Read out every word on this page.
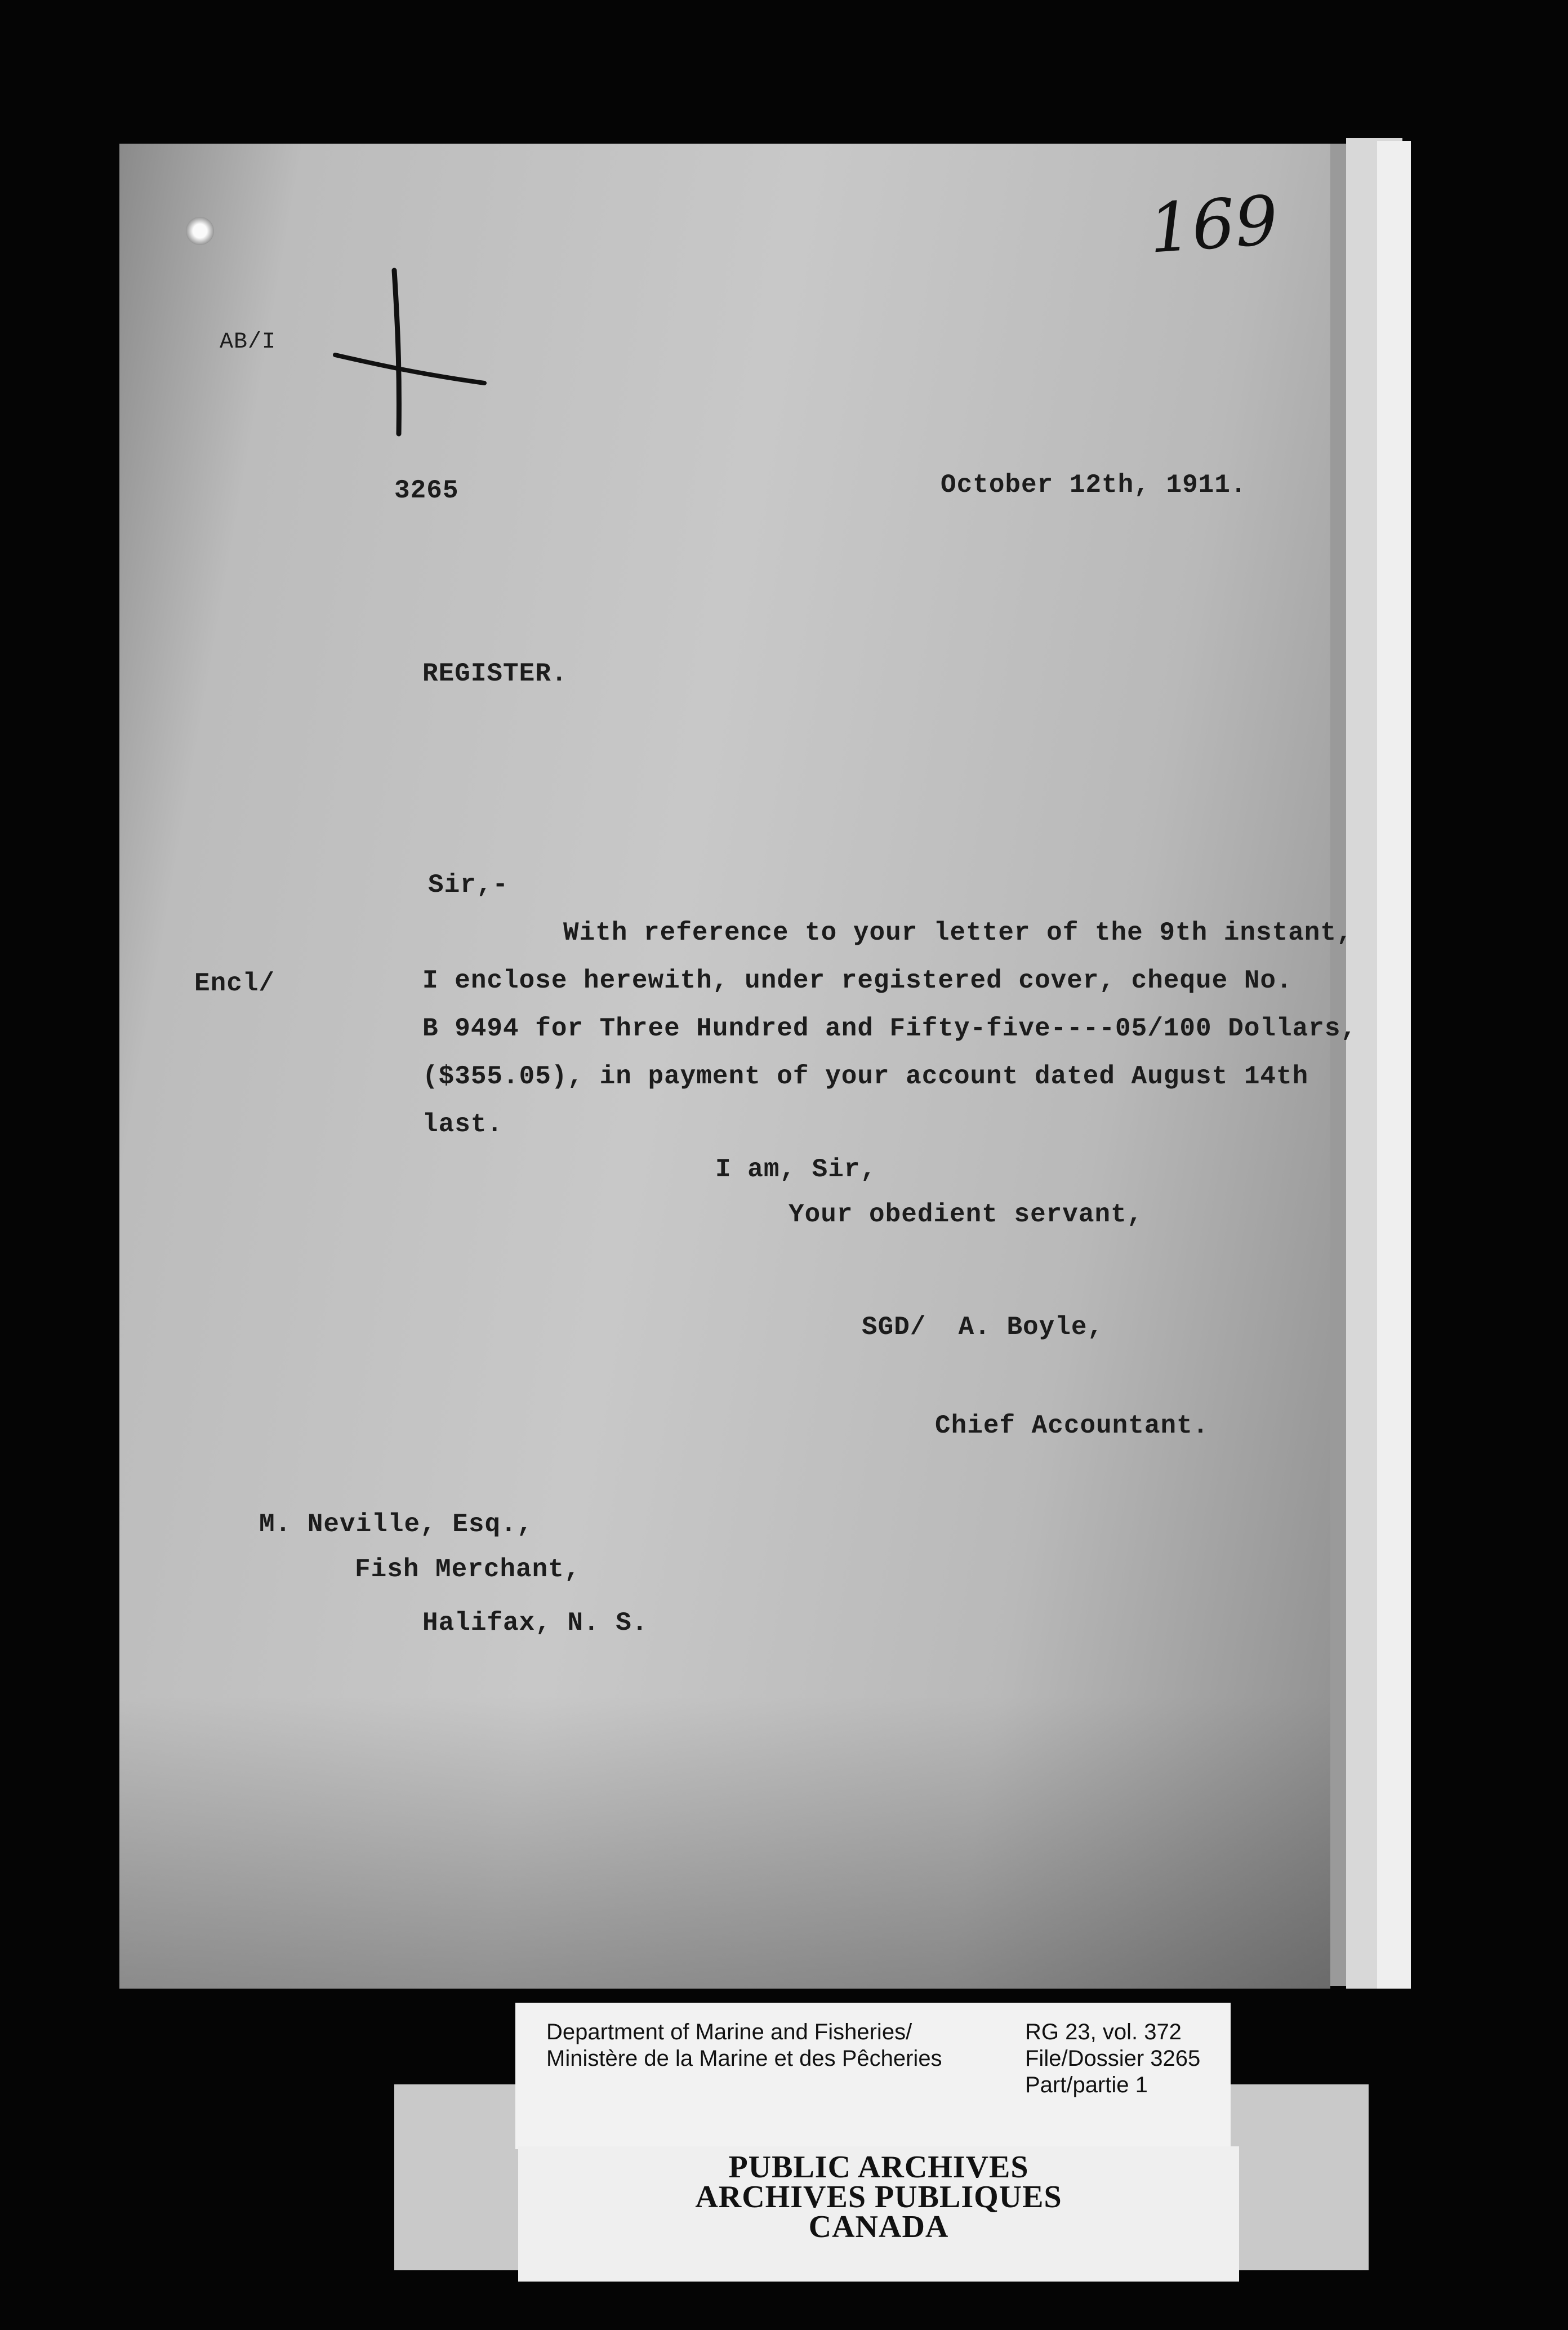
169
AB/I
3265	October 12th, 1911.
REGISTER.
Sir,-
Encl/
With reference to your letter of the 9th instant,
I enclose herewith, under registered cover, cheque No.
B 9494 for Three Hundred and Fifty-five----05/100 Dollars,
($355.05), in payment of your account dated August 14th
last.
I am, Sir,
Your obedient servant,
SGD/  A. Boyle,
Chief Accountant.
M. Neville, Esq.,
Fish Merchant,
Halifax, N. S.
Department of Marine and Fisheries/
Ministère de la Marine et des Pêcheries
RG 23, vol. 372
File/Dossier 3265
Part/partie 1
PUBLIC ARCHIVES
ARCHIVES PUBLIQUES
CANADA
